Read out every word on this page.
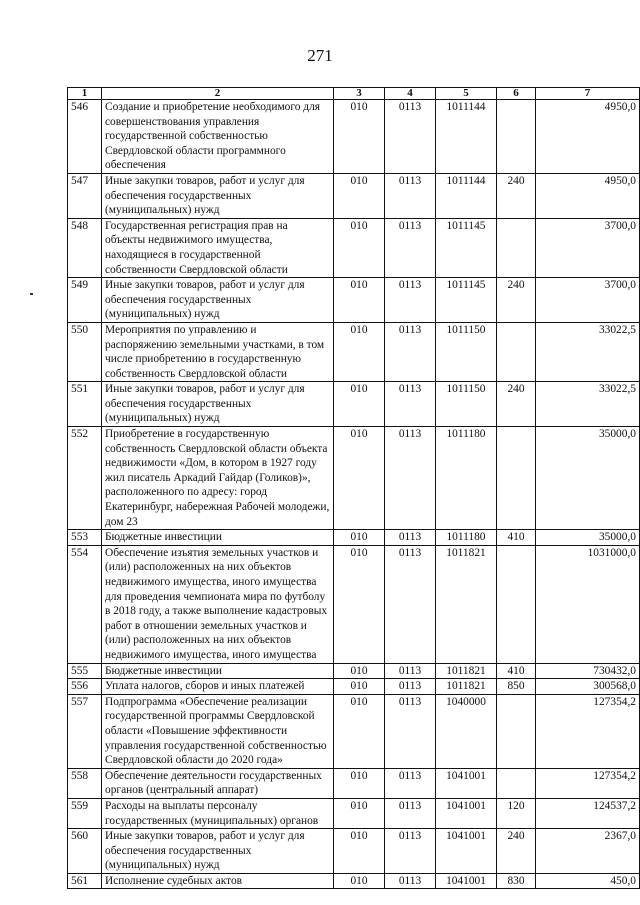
271
1	2	3	4	5	6	7
546	Создание и приобретение необходимого для совершенствования управления государственной собственностью Свердловской области программного обеспечения	010	0113	1011144		4950,0
547	Иные закупки товаров, работ и услуг для обеспечения государственных (муниципальных) нужд	010	0113	1011144	240	4950,0
548	Государственная регистрация прав на объекты недвижимого имущества, находящиеся в государственной собственности Свердловской области	010	0113	1011145		3700,0
549	Иные закупки товаров, работ и услуг для обеспечения государственных (муниципальных) нужд	010	0113	1011145	240	3700,0
550	Мероприятия по управлению и распоряжению земельными участками, в том числе приобретению в государственную собственность Свердловской области	010	0113	1011150		33022,5
551	Иные закупки товаров, работ и услуг для обеспечения государственных (муниципальных) нужд	010	0113	1011150	240	33022,5
552	Приобретение в государственную собственность Свердловской области объекта недвижимости «Дом, в котором в 1927 году жил писатель Аркадий Гайдар (Голиков)», расположенного по адресу: город Екатеринбург, набережная Рабочей молодежи, дом 23	010	0113	1011180		35000,0
553	Бюджетные инвестиции	010	0113	1011180	410	35000,0
554	Обеспечение изъятия земельных участков и (или) расположенных на них объектов недвижимого имущества, иного имущества для проведения чемпионата мира по футболу в 2018 году, а также выполнение кадастровых работ в отношении земельных участков и (или) расположенных на них объектов недвижимого имущества, иного имущества	010	0113	1011821		1031000,0
555	Бюджетные инвестиции	010	0113	1011821	410	730432,0
556	Уплата налогов, сборов и иных платежей	010	0113	1011821	850	300568,0
557	Подпрограмма «Обеспечение реализации государственной программы Свердловской области «Повышение эффективности управления государственной собственностью Свердловской области до 2020 года»	010	0113	1040000		127354,2
558	Обеспечение деятельности государственных органов (центральный аппарат)	010	0113	1041001		127354,2
559	Расходы на выплаты персоналу государственных (муниципальных) органов	010	0113	1041001	120	124537,2
560	Иные закупки товаров, работ и услуг для обеспечения государственных (муниципальных) нужд	010	0113	1041001	240	2367,0
561	Исполнение судебных актов	010	0113	1041001	830	450,0
